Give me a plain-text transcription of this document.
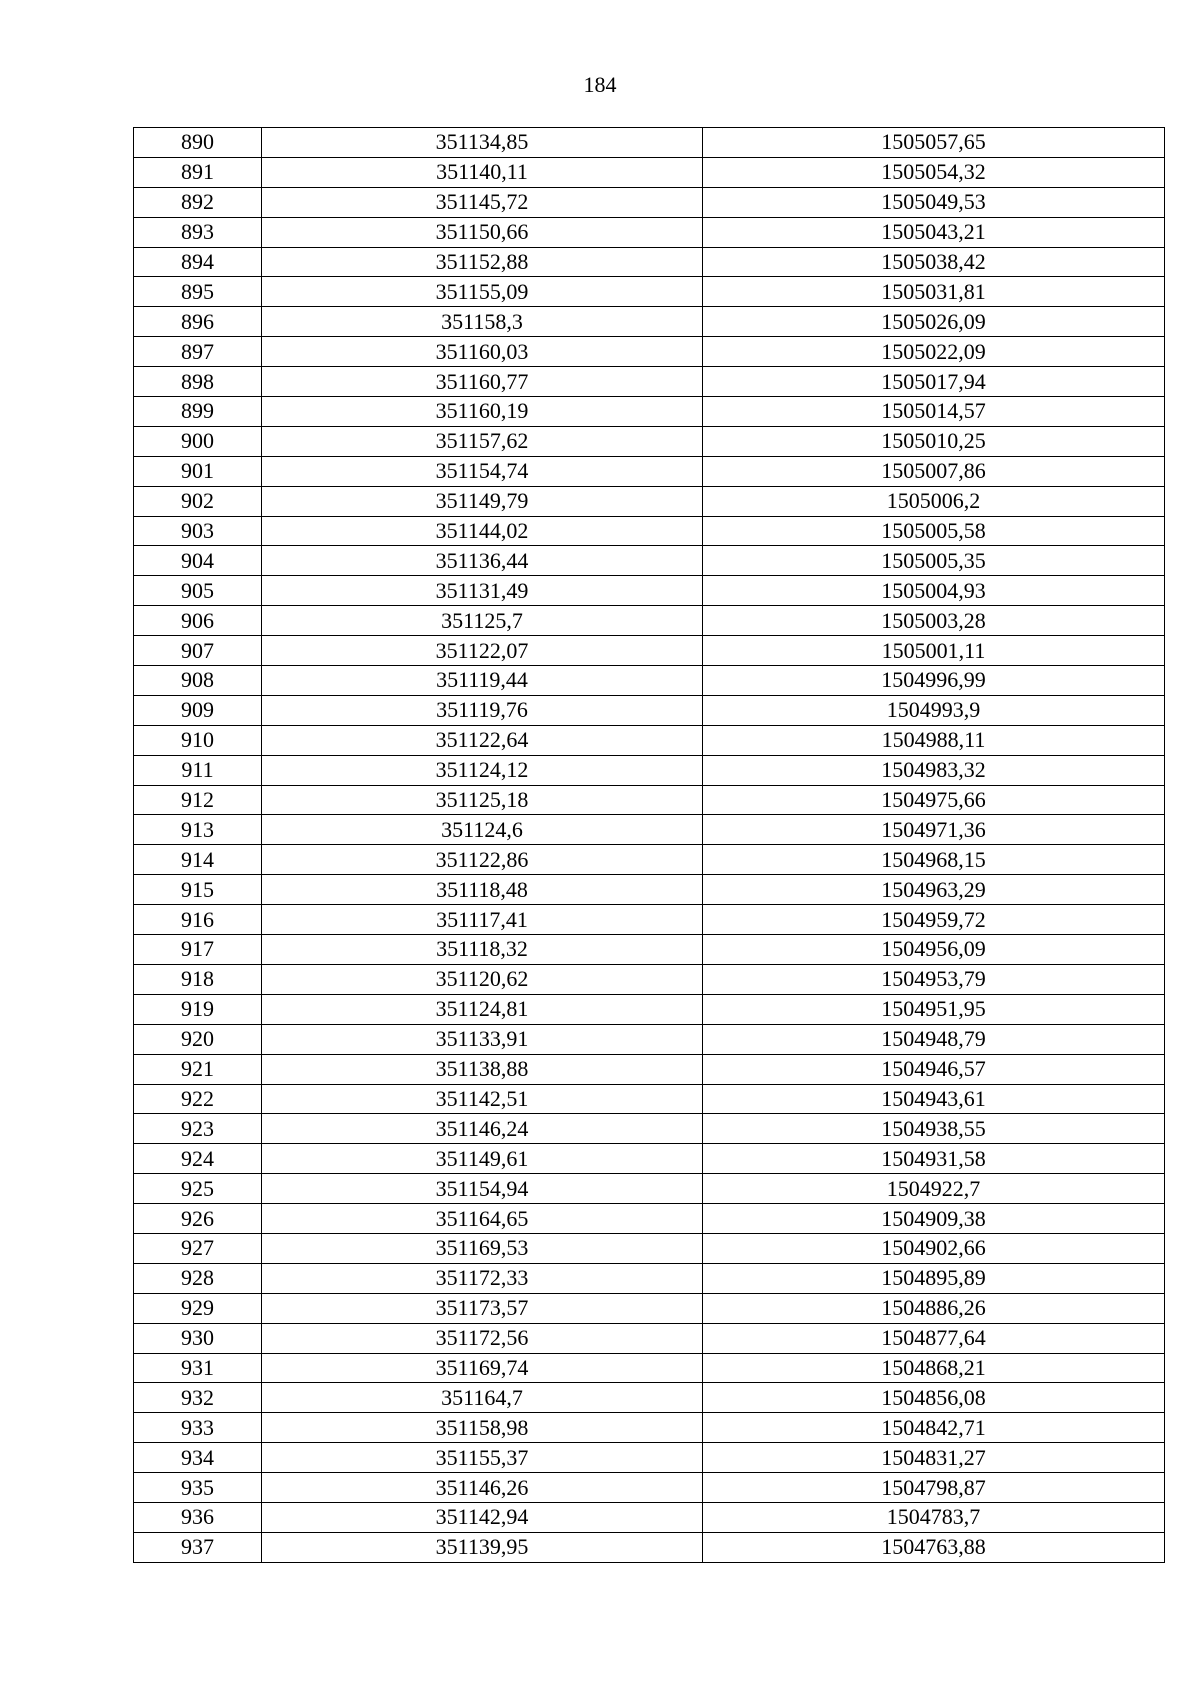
184
890	351134,85	1505057,65
891	351140,11	1505054,32
892	351145,72	1505049,53
893	351150,66	1505043,21
894	351152,88	1505038,42
895	351155,09	1505031,81
896	351158,3	1505026,09
897	351160,03	1505022,09
898	351160,77	1505017,94
899	351160,19	1505014,57
900	351157,62	1505010,25
901	351154,74	1505007,86
902	351149,79	1505006,2
903	351144,02	1505005,58
904	351136,44	1505005,35
905	351131,49	1505004,93
906	351125,7	1505003,28
907	351122,07	1505001,11
908	351119,44	1504996,99
909	351119,76	1504993,9
910	351122,64	1504988,11
911	351124,12	1504983,32
912	351125,18	1504975,66
913	351124,6	1504971,36
914	351122,86	1504968,15
915	351118,48	1504963,29
916	351117,41	1504959,72
917	351118,32	1504956,09
918	351120,62	1504953,79
919	351124,81	1504951,95
920	351133,91	1504948,79
921	351138,88	1504946,57
922	351142,51	1504943,61
923	351146,24	1504938,55
924	351149,61	1504931,58
925	351154,94	1504922,7
926	351164,65	1504909,38
927	351169,53	1504902,66
928	351172,33	1504895,89
929	351173,57	1504886,26
930	351172,56	1504877,64
931	351169,74	1504868,21
932	351164,7	1504856,08
933	351158,98	1504842,71
934	351155,37	1504831,27
935	351146,26	1504798,87
936	351142,94	1504783,7
937	351139,95	1504763,88
